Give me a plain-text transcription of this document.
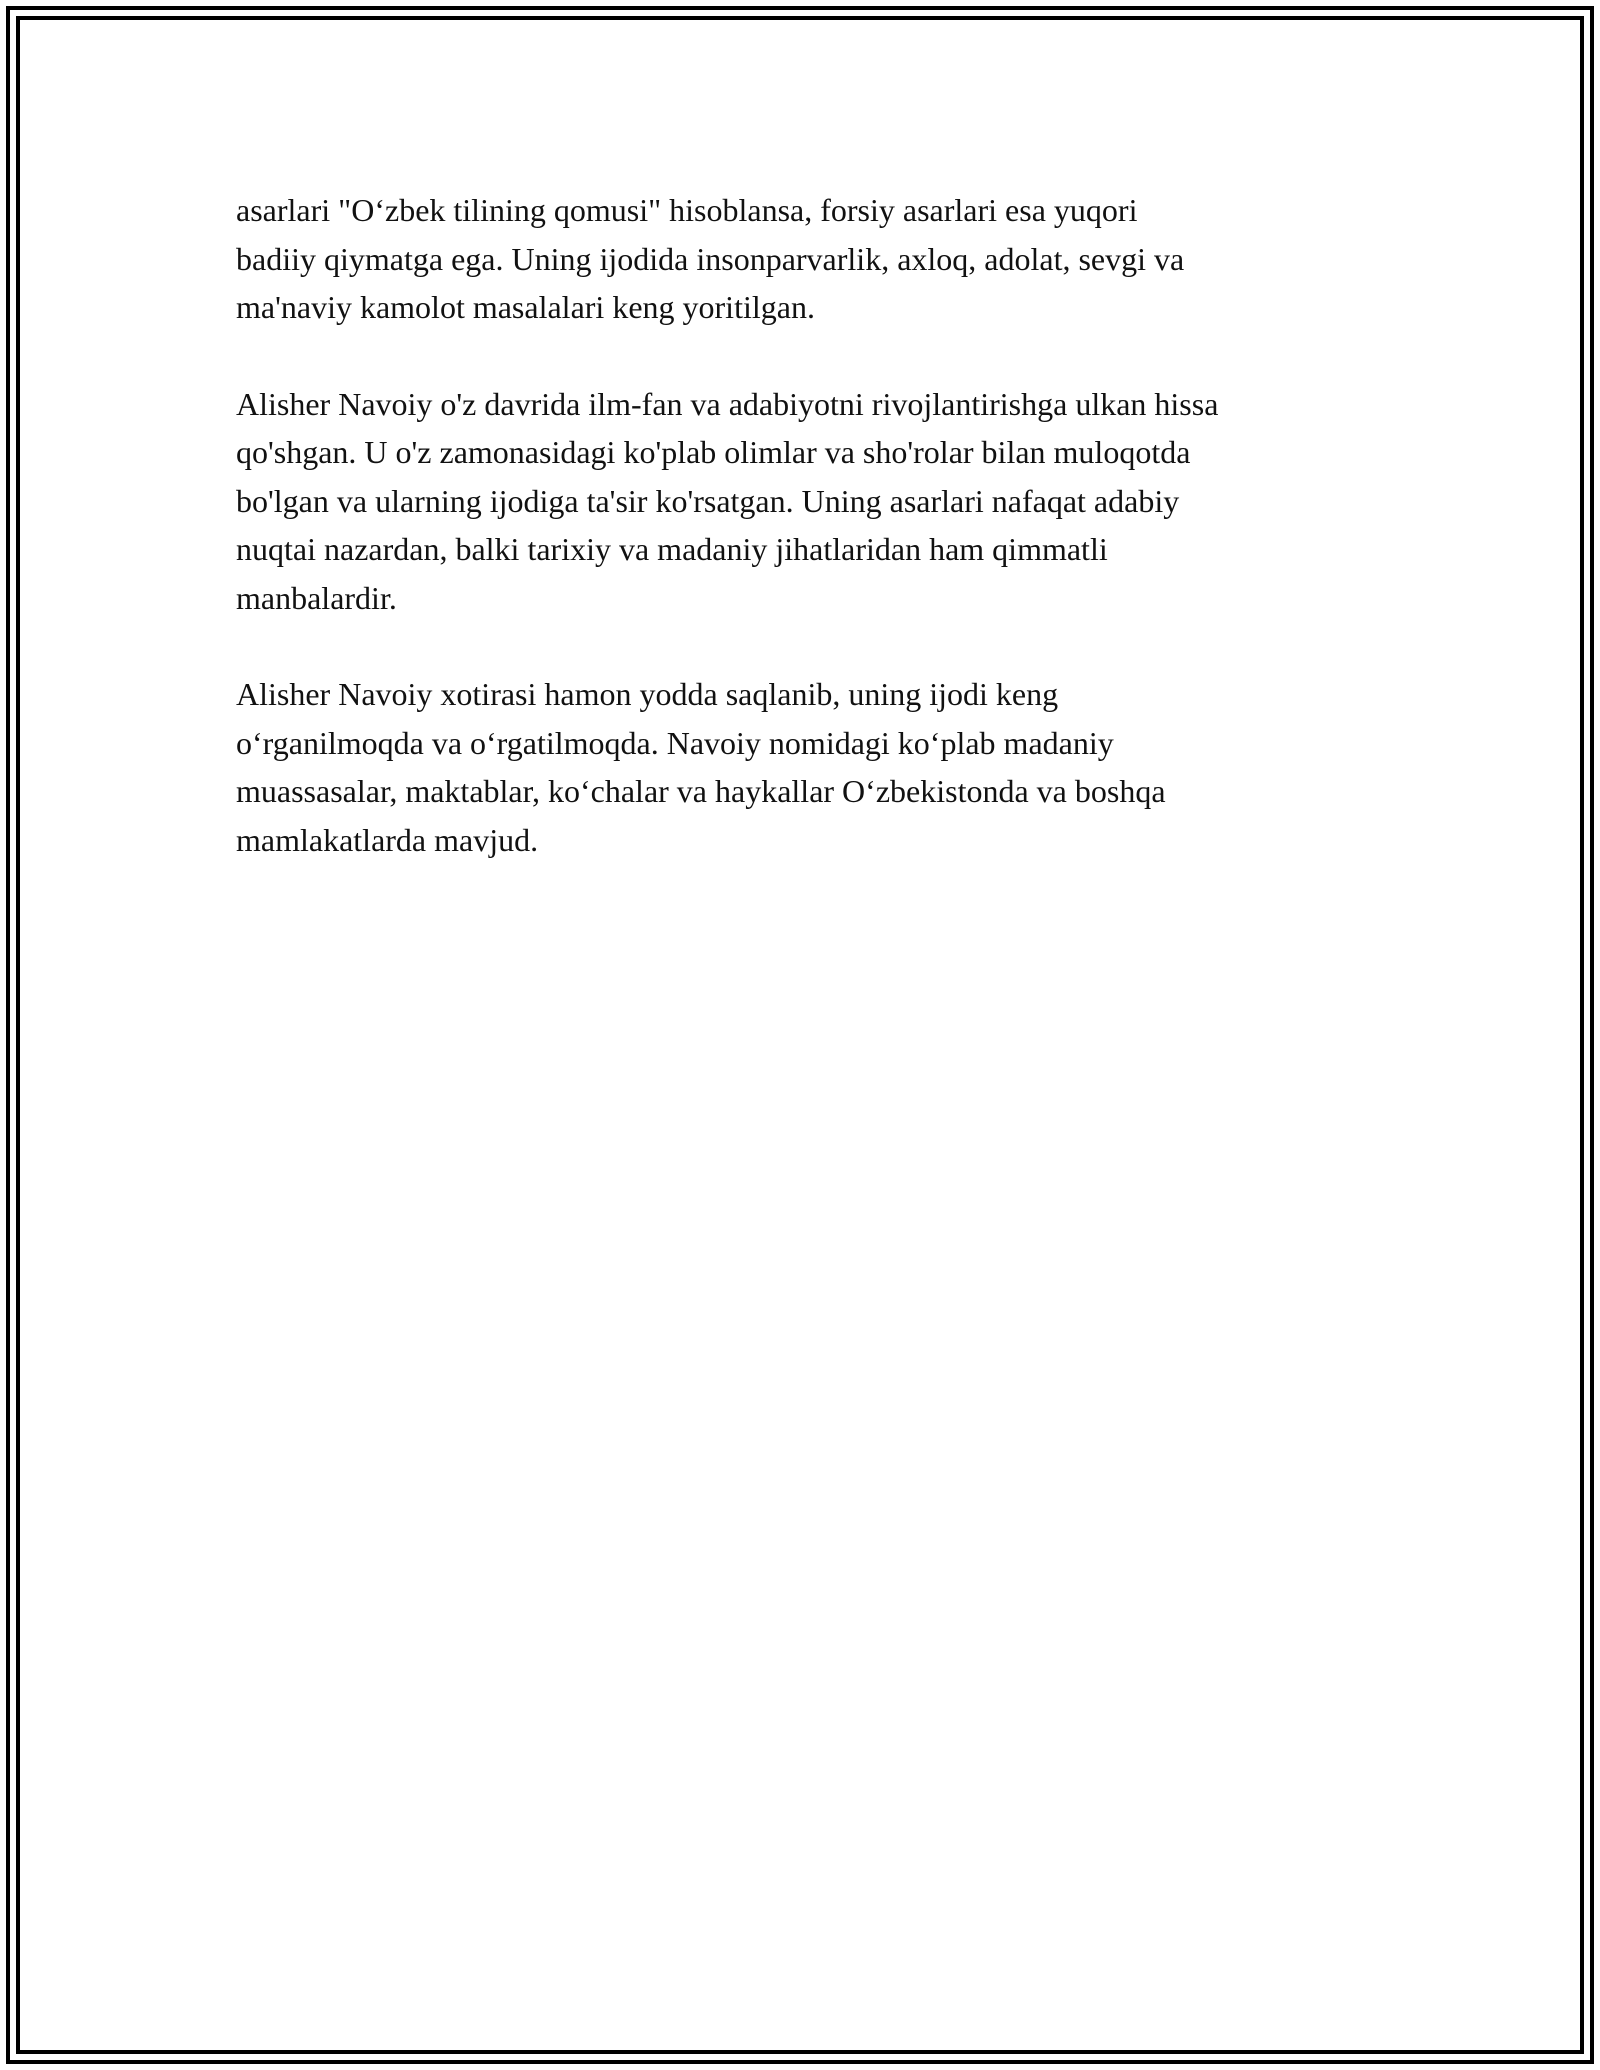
asarlari "O‘zbek tilining qomusi" hisoblansa, forsiy asarlari esa yuqori
badiiy qiymatga ega. Uning ijodida insonparvarlik, axloq, adolat, sevgi va
ma'naviy kamolot masalalari keng yoritilgan.

Alisher Navoiy o'z davrida ilm-fan va adabiyotni rivojlantirishga ulkan hissa
qo'shgan. U o'z zamonasidagi ko'plab olimlar va sho'rolar bilan muloqotda
bo'lgan va ularning ijodiga ta'sir ko'rsatgan. Uning asarlari nafaqat adabiy
nuqtai nazardan, balki tarixiy va madaniy jihatlaridan ham qimmatli
manbalardir.

Alisher Navoiy xotirasi hamon yodda saqlanib, uning ijodi keng
o‘rganilmoqda va o‘rgatilmoqda. Navoiy nomidagi ko‘plab madaniy
muassasalar, maktablar, ko‘chalar va haykallar O‘zbekistonda va boshqa
mamlakatlarda mavjud.
